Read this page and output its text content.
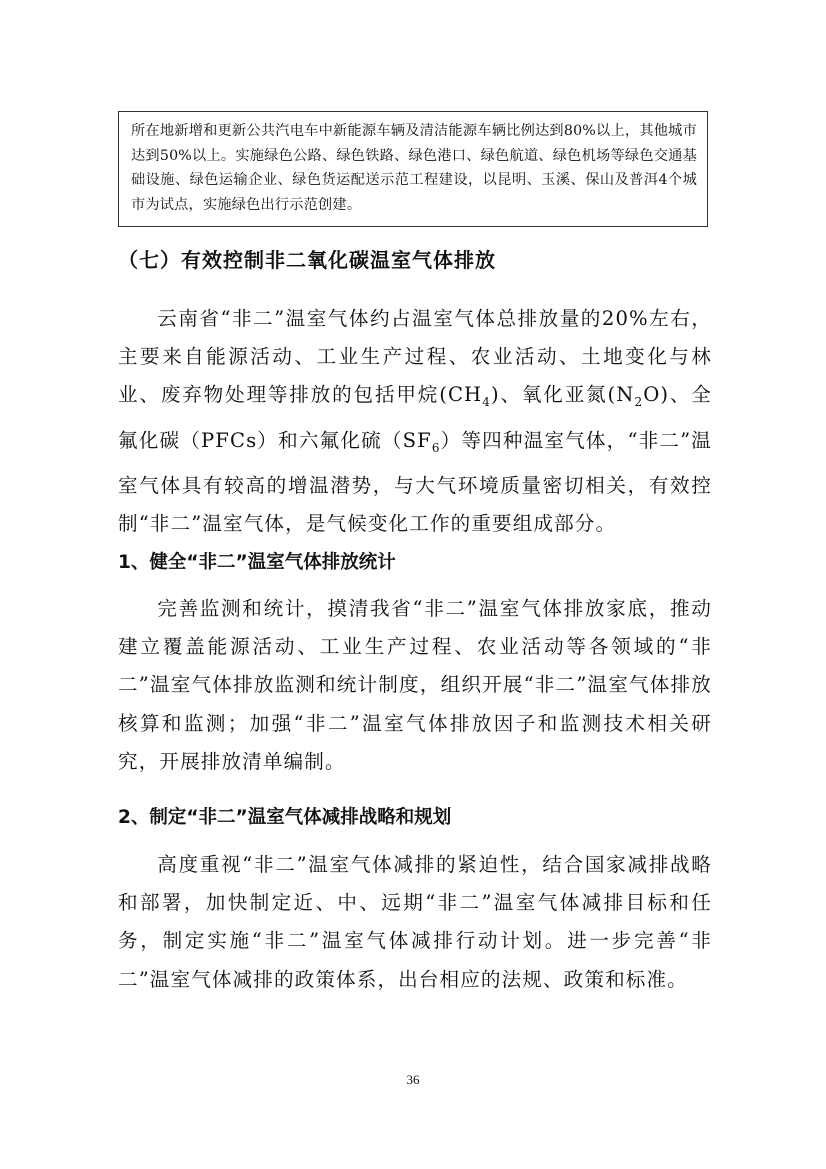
所在地新增和更新公共汽电车中新能源车辆及清洁能源车辆比例达到80%以上，其他城市达到50%以上。实施绿色公路、绿色铁路、绿色港口、绿色航道、绿色机场等绿色交通基础设施、绿色运输企业、绿色货运配送示范工程建设，以昆明、玉溪、保山及普洱4个城市为试点，实施绿色出行示范创建。
（七）有效控制非二氧化碳温室气体排放

云南省“非二”温室气体约占温室气体总排放量的20%左右，主要来自能源活动、工业生产过程、农业活动、土地变化与林业、废弃物处理等排放的包括甲烷$(CH_4)$、氧化亚氮$(N_2O)$、全氟化碳（PFCs）和六氟化硫$(SF_6)$等四种温室气体，“非二”温室气体具有较高的增温潜势，与大气环境质量密切相关，有效控制“非二”温室气体，是气候变化工作的重要组成部分。

1、健全“非二”温室气体排放统计

完善监测和统计，摸清我省“非二”温室气体排放家底，推动建立覆盖能源活动、工业生产过程、农业活动等各领域的“非二”温室气体排放监测和统计制度，组织开展“非二”温室气体排放核算和监测；加强“非二”温室气体排放因子和监测技术相关研究，开展排放清单编制。

2、制定“非二”温室气体减排战略和规划

高度重视“非二”温室气体减排的紧迫性，结合国家减排战略和部署，加快制定近、中、远期“非二”温室气体减排目标和任务，制定实施“非二”温室气体减排行动计划。进一步完善“非二”温室气体减排的政策体系，出台相应的法规、政策和标准。

36
